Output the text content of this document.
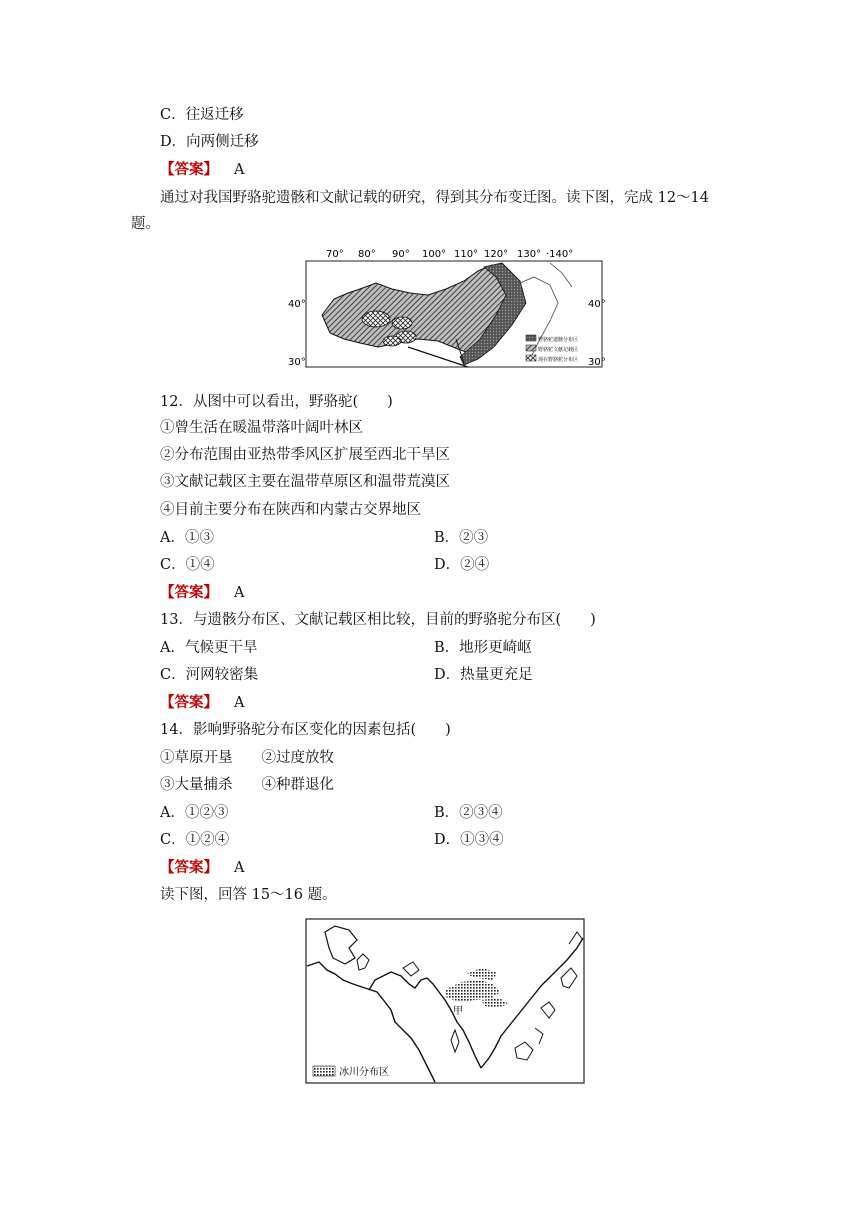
C．往返迁移
D．向两侧迁移
【答案】 A
通过对我国野骆驼遗骸和文献记载的研究，得到其分布变迁图。读下图，完成 12～14
题。
70° 80° 90° 100° 110° 120° 130° ·140°
40°
30°
40°
30°
野骆驼遗骸分布区
野骆驼文献记载区
现在野骆驼分布区
12．从图中可以看出，野骆驼(　　)
①曾生活在暖温带落叶阔叶林区
②分布范围由亚热带季风区扩展至西北干旱区
③文献记载区主要在温带草原区和温带荒漠区
④目前主要分布在陕西和内蒙古交界地区
A．①③	B．②③
C．①④	D．②④
【答案】 A
13．与遗骸分布区、文献记载区相比较，目前的野骆驼分布区(　　)
A．气候更干旱	B．地形更崎岖
C．河网较密集	D．热量更充足
【答案】 A
14．影响野骆驼分布区变化的因素包括(　　)
①草原开垦　　②过度放牧
③大量捕杀　　④种群退化
A．①②③	B．②③④
C．①②④	D．①③④
【答案】 A
读下图，回答 15～16 题。
甲
冰川分布区
